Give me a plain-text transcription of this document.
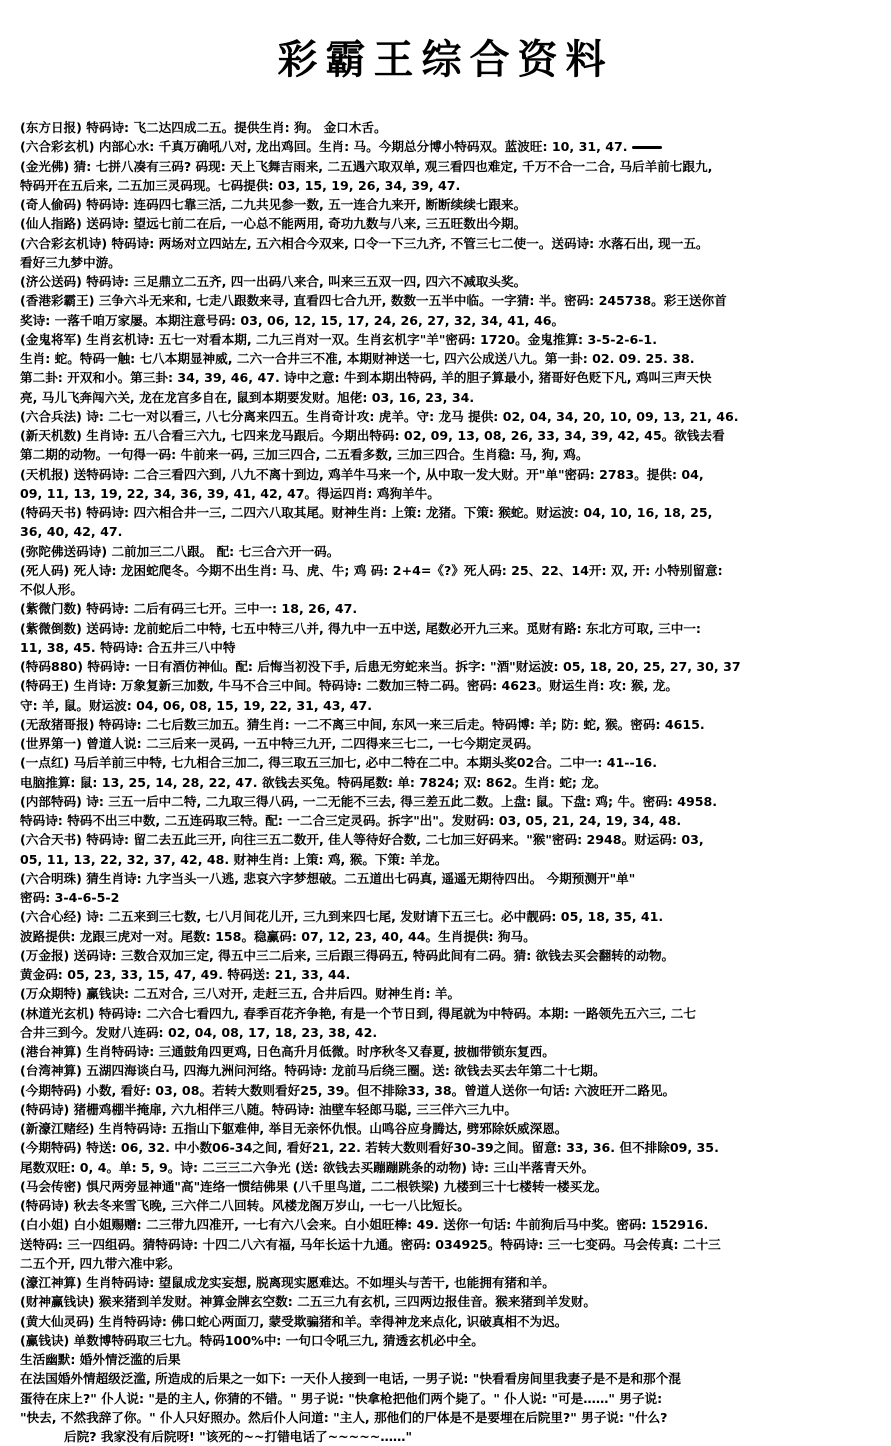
彩霸王综合资料
(东方日报) 特码诗: 飞二达四成二五。提供生肖: 狗。 金口木舌。
(六合彩玄机) 内部心水: 千真万确吼八对, 龙出鸡回。生肖: 马。今期总分博小特码双。蓝波旺: 10, 31, 47.
(金光佛) 猜: 七拼八凑有三码? 码现: 天上飞舞吉雨来, 二五遇六取双单, 观三看四也难定, 千万不合一二合, 马后羊前七跟九,
特码开在五后来, 二五加三灵码现。七码提供: 03, 15, 19, 26, 34, 39, 47.
(奇人偷码) 特码诗: 连码四七靠三活, 二九共见参一数, 五一连合九来开, 断断续续七跟来。
(仙人指路) 送码诗: 望远七前二在后, 一心总不能两用, 奇功九数与八来, 三五旺数出今期。
(六合彩玄机诗) 特码诗: 两场对立四站左, 五六相合今双来, 口令一下三九齐, 不管三七二使一。送码诗: 水落石出, 现一五。
看好三九梦中游。
(济公送码) 特码诗: 三足鼎立二五齐, 四一出码八来合, 叫来三五双一四, 四六不减取头奖。
(香港彩霸王) 三争六斗无来和, 七走八跟数来寻, 直看四七合九开, 数数一五半中临。一字猜: 半。密码: 245738。彩王送你首
奖诗: 一落千咱万家屡。本期注意号码: 03, 06, 12, 15, 17, 24, 26, 27, 32, 34, 41, 46。
(金鬼将军) 生肖玄机诗: 五七一对看本期, 二九三肖对一双。生肖玄机字"羊"密码: 1720。金鬼推算: 3-5-2-6-1.
生肖: 蛇。特码一触: 七八本期显神威, 二六一合井三不准, 本期财神送一七, 四六公成送八九。第一卦: 02. 09. 25. 38.
第二卦: 开双和小。第三卦: 34, 39, 46, 47. 诗中之意: 牛到本期出特码, 羊的胆子算最小, 猪哥好色贬下凡, 鸡叫三声天快
亮, 马儿飞奔闯六关, 龙在龙宫多自在, 鼠到本期要发财。旭佬: 03, 16, 23, 34.
(六合兵法) 诗: 二七一对以看三, 八七分离来四五。生肖奇计攻: 虎羊。守: 龙马 提供: 02, 04, 34, 20, 10, 09, 13, 21, 46.
(新天机数) 生肖诗: 五八合看三六九, 七四来龙马跟后。今期出特码: 02, 09, 13, 08, 26, 33, 34, 39, 42, 45。欲钱去看
第二期的动物。一句得一码: 牛前来一码, 三加三四合, 二五看多数, 三加三四合。生肖稳: 马, 狗, 鸡。
(天机报) 送特码诗: 二合三看四六到, 八九不离十到边, 鸡羊牛马来一个, 从中取一发大财。开"单"密码: 2783。提供: 04,
09, 11, 13, 19, 22, 34, 36, 39, 41, 42, 47。得运四肖: 鸡狗羊牛。
(特码天书) 特码诗: 四六相合井一三, 二四六八取其尾。财神生肖: 上策: 龙猪。下策: 猴蛇。财运波: 04, 10, 16, 18, 25,
36, 40, 42, 47.
(弥陀佛送码诗) 二前加三二八跟。 配: 七三合六开一码。
(死人码) 死人诗: 龙困蛇爬冬。今期不出生肖: 马、虎、牛; 鸡 码: 2+4=《?》死人码: 25、22、14开: 双, 开: 小特别留意:
不似人形。
(紫微门数) 特码诗: 二后有码三七开。三中一: 18, 26, 47.
(紫微倒数) 送码诗: 龙前蛇后二中特, 七五中特三八并, 得九中一五中送, 尾数必开九三来。觅财有路: 东北方可取, 三中一:
11, 38, 45. 特码诗: 合五井三八中特
(特码880) 特码诗: 一日有酒仿神仙。配: 后悔当初没下手, 后患无穷蛇来当。拆字: "酒"财运波: 05, 18, 20, 25, 27, 30, 37
(特码王) 生肖诗: 万象复新三加数, 牛马不合三中间。特码诗: 二数加三特二码。密码: 4623。财运生肖: 攻: 猴, 龙。
守: 羊, 鼠。财运波: 04, 06, 08, 15, 19, 22, 31, 43, 47.
(无敌猪哥报) 特码诗: 二七后数三加五。猜生肖: 一二不离三中间, 东风一来三后走。特码博: 羊; 防: 蛇, 猴。密码: 4615.
(世界第一) 曾道人说: 二三后来一灵码, 一五中特三九开, 二四得来三七二, 一七今期定灵码。
(一点红) 马后羊前三中特, 七九相合三加二, 得三取五三加七, 必中二特在二中。本期头奖02合。二中一: 41--16.
电脑推算: 鼠: 13, 25, 14, 28, 22, 47. 欲钱去买兔。特码尾数: 单: 7824; 双: 862。生肖: 蛇; 龙。
(内部特码) 诗: 三五一后中二特, 二九取三得八码, 一二无能不三去, 得三差五此二数。上盘: 鼠。下盘: 鸡; 牛。密码: 4958.
特码诗: 特码不出三中数, 二五连码取三特。配: 一二合三定灵码。拆字"出"。发财码: 03, 05, 21, 24, 19, 34, 48.
(六合天书) 特码诗: 留二去五此三开, 向往三五二数开, 佳人等待好合数, 二七加三好码来。"猴"密码: 2948。财运码: 03,
05, 11, 13, 22, 32, 37, 42, 48. 财神生肖: 上策: 鸡, 猴。下策: 羊龙。
(六合明珠) 猜生肖诗: 九字当头一八逃, 悲哀六字梦想破。二五道出七码真, 遥遥无期待四出。 今期预测开"单"
密码: 3-4-6-5-2
(六合心经) 诗: 二五来到三七数, 七八月间花儿开, 三九到来四七尾, 发财请下五三七。必中靓码: 05, 18, 35, 41.
波路提供: 龙跟三虎对一对。尾数: 158。稳赢码: 07, 12, 23, 40, 44。生肖提供: 狗马。
(万金报) 送码诗: 三数合双加三定, 得五中三二后来, 三后跟三得码五, 特码此间有二码。猜: 欲钱去买会翻转的动物。
黄金码: 05, 23, 33, 15, 47, 49. 特码送: 21, 33, 44.
(万众期特) 赢钱诀: 二五对合, 三八对开, 走赶三五, 合井后四。财神生肖: 羊。
(林道光玄机) 特码诗: 二六合七看四九, 春季百花齐争艳, 有是一个节日到, 得尾就为中特码。本期: 一路领先五六三, 二七
合井三到今。发财八连码: 02, 04, 08, 17, 18, 23, 38, 42.
(港台神算) 生肖特码诗: 三通鼓角四更鸡, 日色高升月低微。时序秋冬又春夏, 披枷带锁东复西。
(台湾神算) 五湖四海谈白马, 四海九洲问河络。特码诗: 龙前马后绕三圈。送: 欲钱去买去年第二十七期。
(今期特码) 小数, 看好: 03, 08。若转大数则看好25, 39。但不排除33, 38。曾道人送你一句话: 六波旺开二路见。
(特码诗) 猪栅鸡棚半掩扉, 六九相伴三八随。特码诗: 油壁车轻郎马聪, 三三伴六三九中。
(新濠江赌经) 生肖特码诗: 五指山下躯难伸, 举目无亲怀仇恨。山鸣谷应身腾达, 劈邪除妖威深恩。
(今期特码) 特送: 06, 32. 中小数06-34之间, 看好21, 22. 若转大数则看好30-39之间。留意: 33, 36. 但不排除09, 35.
尾数双旺: 0, 4。单: 5, 9。诗: 二三三二六争光 (送: 欲钱去买蹦蹦跳条的动物) 诗: 三山半落青天外。
(马会传密) 惧尺两旁显神通"高"连络一惯结佛果 (八千里鸟道, 二二根铁梁) 九楼到三十七楼转一楼买龙。
(特码诗) 秋去冬来雪飞晚, 三六伴二八回转。风楼龙阁万岁山, 一七一八比短长。
(白小姐) 白小姐赐赠: 二三带九四准开, 一七有六八会来。白小姐旺棒: 49. 送你一句话: 牛前狗后马中奖。密码: 152916.
送特码: 三一四组码。猜特码诗: 十四二八六有福, 马年长运十九通。密码: 034925。特码诗: 三一七变码。马会传真: 二十三
二五个开, 四九带六准中彩。
(濠江神算) 生肖特码诗: 望鼠成龙实妄想, 脱离现实愿难达。不如埋头与苦干, 也能拥有猪和羊。
(财神赢钱诀) 猴来猪到羊发财。神算金牌玄空数: 二五三九有玄机, 三四两边报佳音。猴来猪到羊发财。
(黄大仙灵码) 生肖特码诗: 佛口蛇心两面刀, 蒙受欺骗猪和羊。幸得神龙来点化, 识破真相不为迟。
(赢钱诀) 单数博特码取三七九。特码100%中: 一句口令吼三九, 猜透玄机必中全。
生活幽默: 婚外情泛滥的后果
在法国婚外情超级泛滥, 所造成的后果之一如下: 一天仆人接到一电话, 一男子说: "快看看房间里我妻子是不是和那个混
蛋待在床上?" 仆人说: "是的主人, 你猜的不错。" 男子说: "快拿枪把他们两个毙了。" 仆人说: "可是……" 男子说:
"快去, 不然我辞了你。" 仆人只好照办。然后仆人问道: "主人, 那他们的尸体是不是要埋在后院里?" 男子说: "什么?
后院? 我家没有后院呀! "该死的~~打错电话了~~~~~……"
